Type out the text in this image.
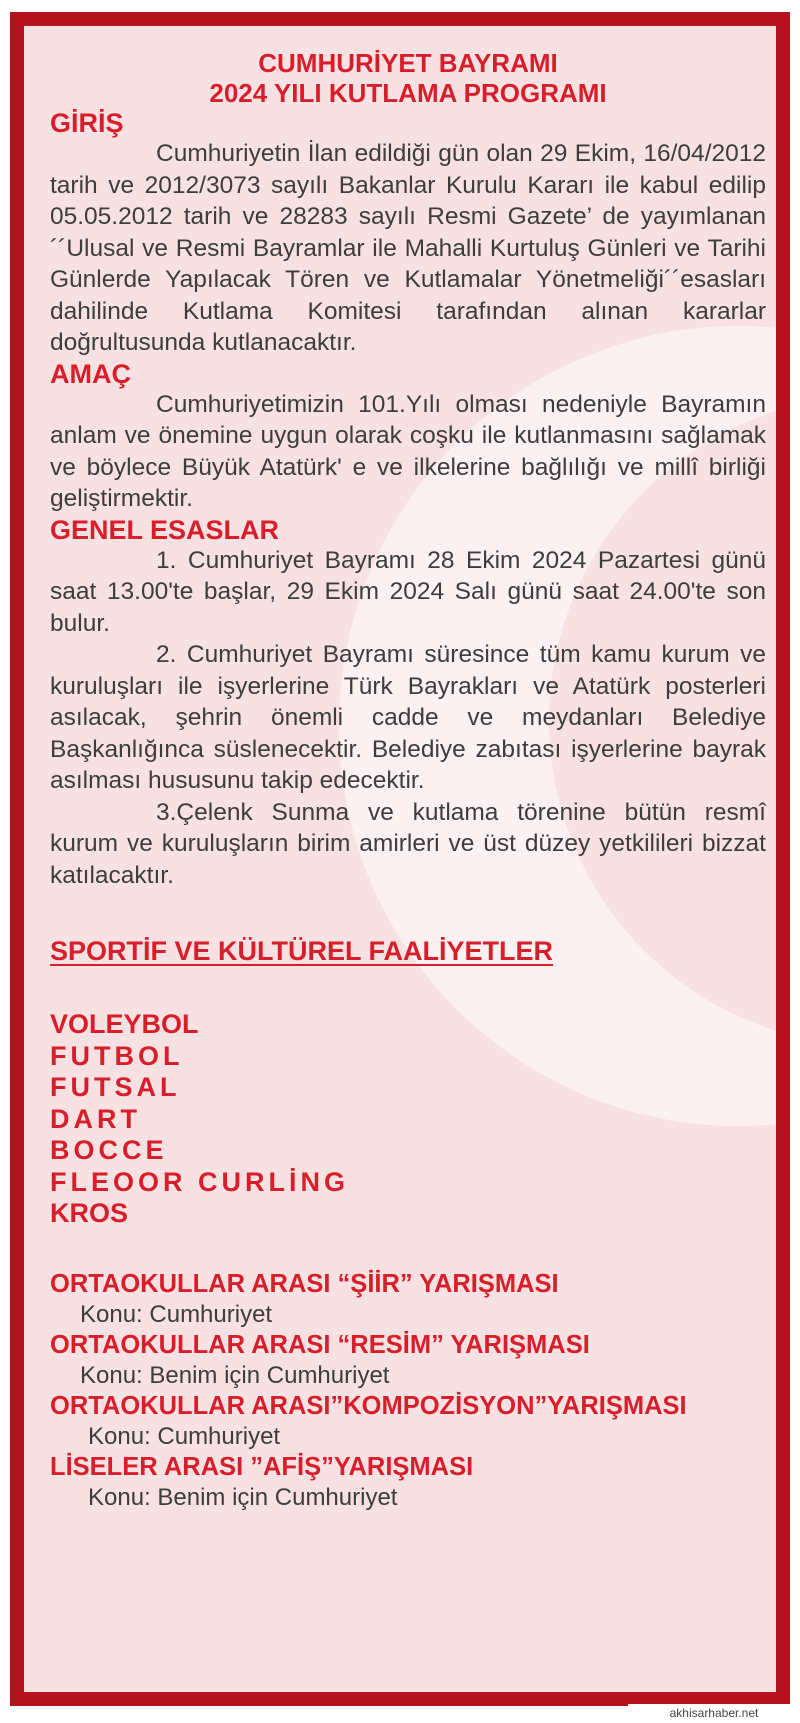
CUMHURİYET BAYRAMI

2024 YILI KUTLAMA PROGRAMI

GİRİŞ

Cumhuriyetin İlan edildiği gün olan 29 Ekim, 16/04/2012 tarih ve 2012/3073 sayılı Bakanlar Kurulu Kararı ile kabul edilip 05.05.2012 tarih ve 28283 sayılı Resmi Gazete’ de yayımlanan ´´Ulusal ve Resmi Bayramlar ile Mahalli Kurtuluş Günleri ve Tarihi Günlerde Yapılacak Tören ve Kutlamalar Yönetmeliği´´esasları dahilinde Kutlama Komitesi tarafından alınan kararlar doğrultusunda kutlanacaktır.

AMAÇ

Cumhuriyetimizin 101.Yılı olması nedeniyle Bayramın anlam ve önemine uygun olarak coşku ile kutlanmasını sağlamak ve böylece Büyük Atatürk' e ve ilkelerine bağlılığı ve millî birliği geliştirmektir.

GENEL ESASLAR

1. Cumhuriyet Bayramı 28 Ekim 2024 Pazartesi günü saat 13.00'te başlar, 29 Ekim 2024 Salı günü saat 24.00'te son bulur.

2. Cumhuriyet Bayramı süresince tüm kamu kurum ve kuruluşları ile işyerlerine Türk Bayrakları ve Atatürk posterleri asılacak, şehrin önemli cadde ve meydanları Belediye Başkanlığınca süslenecektir. Belediye zabıtası işyerlerine bayrak asılması hususunu takip edecektir.

3.Çelenk Sunma ve kutlama törenine bütün resmî kurum ve kuruluşların birim amirleri ve üst düzey yetkilileri bizzat katılacaktır.

SPORTİF VE KÜLTÜREL FAALİYETLER

VOLEYBOL
FUTBOL
FUTSAL
DART
BOCCE
FLEOOR CURLİNG
KROS
ORTAOKULLAR ARASI “ŞİİR” YARIŞMASI
Konu: Cumhuriyet
ORTAOKULLAR ARASI “RESİM” YARIŞMASI
Konu: Benim için Cumhuriyet
ORTAOKULLAR ARASI”KOMPOZİSYON”YARIŞMASI
Konu: Cumhuriyet
LİSELER ARASI ”AFİŞ”YARIŞMASI
Konu: Benim için Cumhuriyet
akhisarhaber.net
